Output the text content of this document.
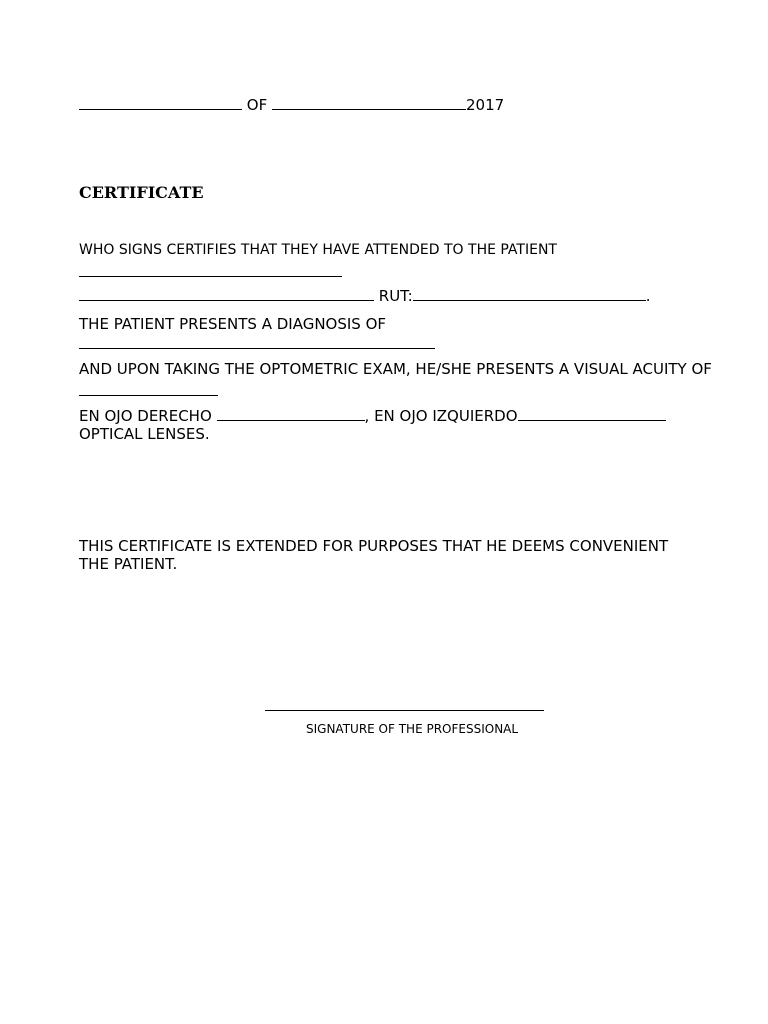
OF	2017
CERTIFICATE
WHO SIGNS CERTIFIES THAT THEY HAVE ATTENDED TO THE PATIENT
RUT:	.
THE PATIENT PRESENTS A DIAGNOSIS OF
AND UPON TAKING THE OPTOMETRIC EXAM, HE/SHE PRESENTS A VISUAL ACUITY OF
EN OJO DERECHO	, EN OJO IZQUIERDO
OPTICAL LENSES.
THIS CERTIFICATE IS EXTENDED FOR PURPOSES THAT HE DEEMS CONVENIENT THE PATIENT.
SIGNATURE OF THE PROFESSIONAL
